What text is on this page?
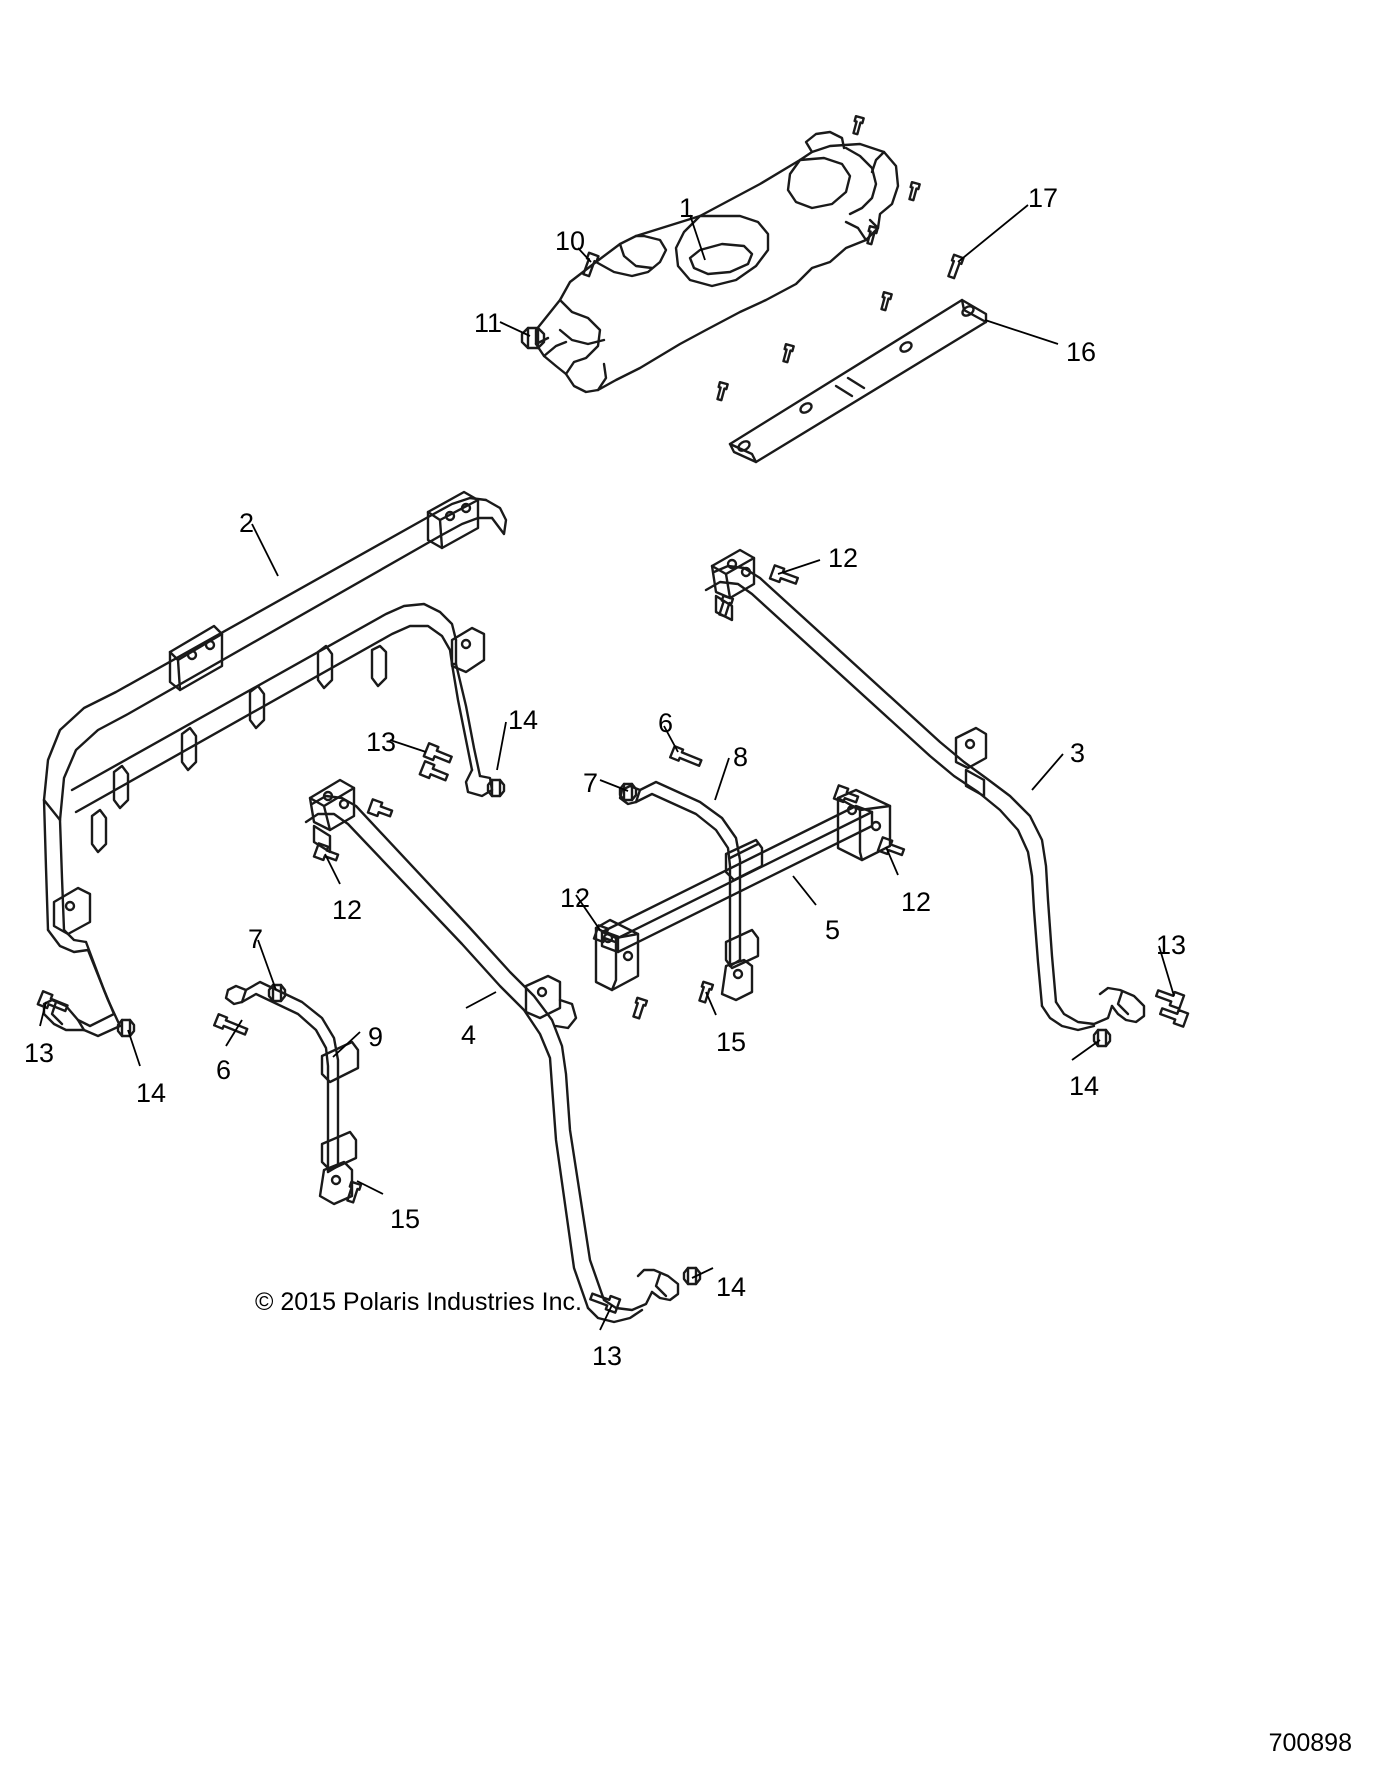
1
10
17
11
16
2
12
6
8	3
13
14
7
12	12	12
5	13
7
9	4	15
13
6
14
14
15
14
13
© 2015 Polaris Industries Inc.
700898
